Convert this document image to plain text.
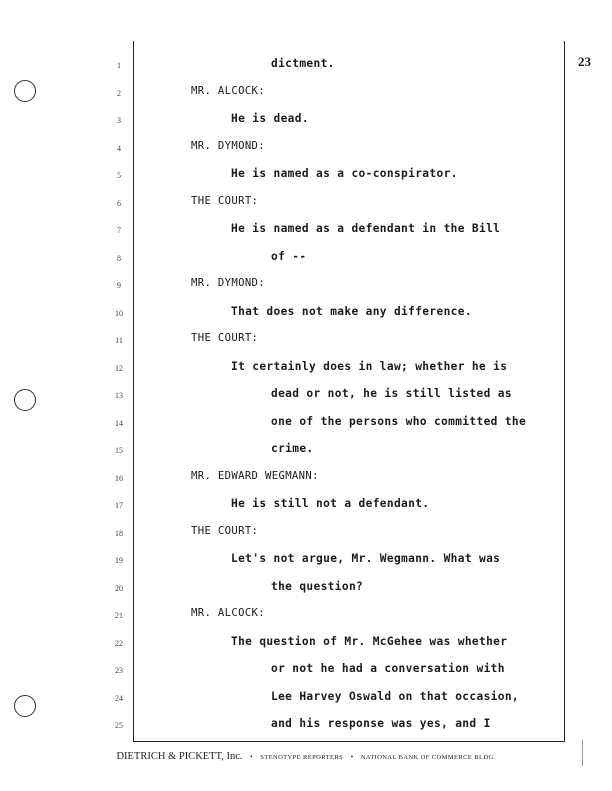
23
1
2
3
4
5
6
7
8
9
10
11
12
13
14
15
16
17
18
19
20
21
22
23
24
25
dictment.
MR. ALCOCK:
He is dead.
MR. DYMOND:
He is named as a co-conspirator.
THE COURT:
He is named as a defendant in the Bill
of --
MR. DYMOND:
That does not make any difference.
THE COURT:
It certainly does in law; whether he is
dead or not, he is still listed as
one of the persons who committed the
crime.
MR. EDWARD WEGMANN:
He is still not a defendant.
THE COURT:
Let's not argue, Mr. Wegmann. What was
the question?
MR. ALCOCK:
The question of Mr. McGehee was whether
or not he had a conversation with
Lee Harvey Oswald on that occasion,
and his response was yes, and I
DIETRICH & PICKETT, Inc. • STENOTYPE REPORTERS • NATIONAL BANK OF COMMERCE BLDG.
